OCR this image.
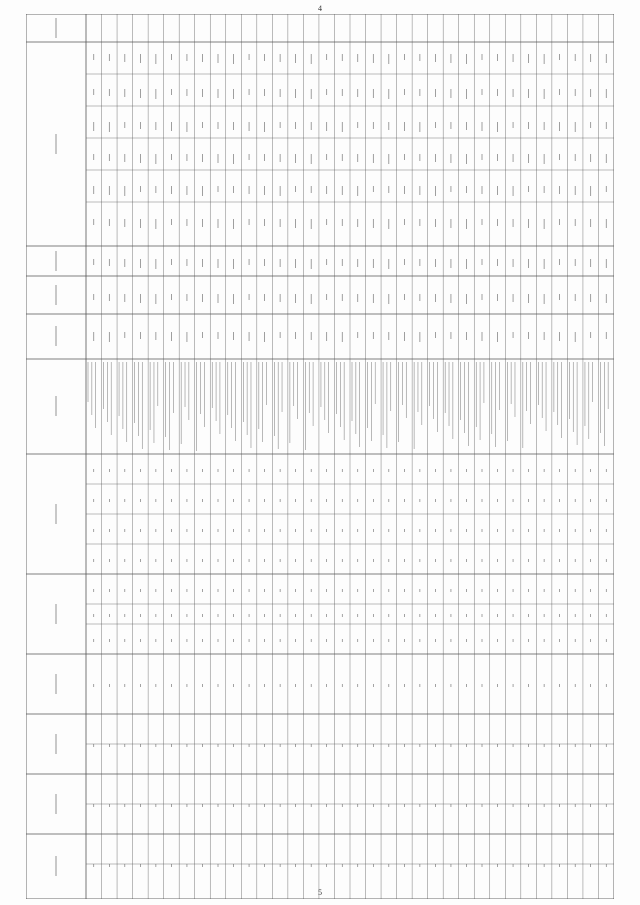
4
5
